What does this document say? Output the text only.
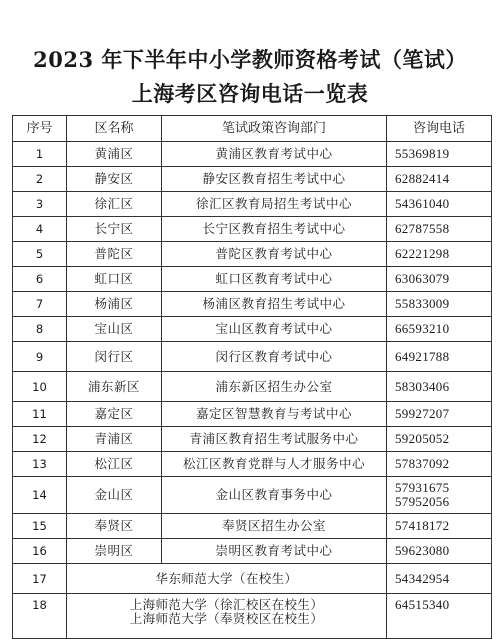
2023 年下半年中小学教师资格考试（笔试）
上海考区咨询电话一览表
序号	区名称	笔试政策咨询部门	咨询电话
1	黄浦区	黄浦区教育考试中心	55369819

2	静安区	静安区教育招生考试中心	62882414

3	徐汇区	徐汇区教育局招生考试中心	54361040

4	长宁区	长宁区教育招生考试中心	62787558

5	普陀区	普陀区教育考试中心	62221298

6	虹口区	虹口区教育考试中心	63063079

7	杨浦区	杨浦区教育招生考试中心	55833009

8	宝山区	宝山区教育考试中心	66593210

9	闵行区	闵行区教育考试中心	64921788

10	浦东新区	浦东新区招生办公室	58303406

11	嘉定区	嘉定区智慧教育与考试中心	59927207

12	青浦区	青浦区教育招生考试服务中心	59205052

13	松江区	松江区教育党群与人才服务中心	57837092

14	金山区	金山区教育事务中心	57931675
57952056

15	奉贤区	奉贤区招生办公室	57418172

16	崇明区	崇明区教育考试中心	59623080

17	华东师范大学（在校生）		54342954
18	上海师范大学（徐汇校区在校生）
上海师范大学（奉贤校区在校生）		64515340
